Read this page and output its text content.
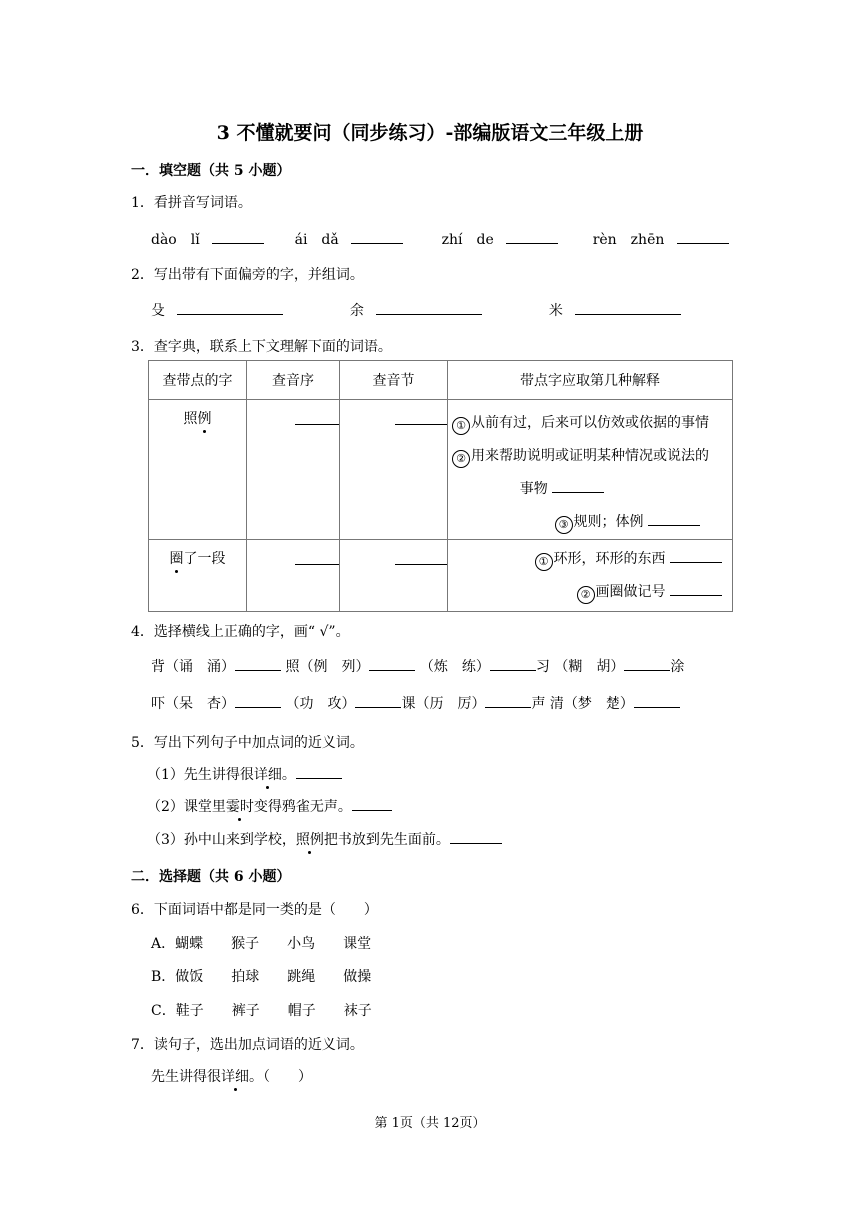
3 不懂就要问（同步练习）-部编版语文三年级上册
一．填空题（共 5 小题）
1．看拼音写词语。
dào　lǐ	ái　dǎ	zhí　de	rèn　zhēn
2．写出带有下面偏旁的字，并组词。
殳	余	米
3．查字典，联系上下文理解下面的词语。
查带点的字	查音序	查音节	带点字应取第几种解释
照例			① 从前有过，后来可以仿效或依据的事情
② 用来帮助说明或证明某种情况或说法的
事物
③ 规则；体例

圈了一段			① 环形，环形的东西
② 画圈做记号
4．选择横线上正确的字，画“ √”。
背（诵　涌）	照（例　列）	（炼　练）	习 （糊　胡）	涂
吓（呆　杏）	（功　攻）	课（历　厉）	声 清（梦　楚）
5．写出下列句子中加点词的近义词。
（1）先生讲得很详细。
（2）课堂里霎时变得鸦雀无声。
（3）孙中山来到学校，照例把书放到先生面前。
二．选择题（共 6 小题）
6．下面词语中都是同一类的是（　　）
A．蝴蝶 猴子 小鸟 课堂
B．做饭 拍球 跳绳 做操
C．鞋子 裤子 帽子 袜子
7．读句子，选出加点词语的近义词。
先生讲得很详细。（　　）
第 1页（共 12页）
